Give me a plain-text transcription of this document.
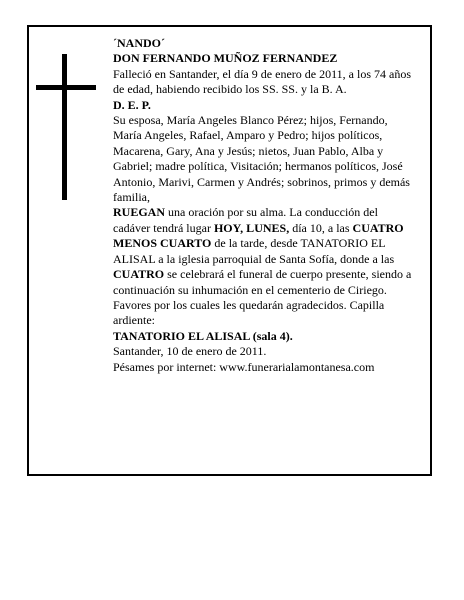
´NANDO´

DON FERNANDO MUÑOZ FERNANDEZ

Falleció en Santander, el día 9 de enero de 2011, a los 74 años

de edad, habiendo recibido los SS. SS. y la B. A.

D. E. P.

Su esposa, María Angeles Blanco Pérez; hijos, Fernando, María Angeles, Rafael, Amparo y Pedro; hijos políticos, Macarena, Gary, Ana y Jesús; nietos, Juan Pablo, Alba y Gabriel; madre política, Visitación; hermanos políticos, José Antonio, Marivi, Carmen y Andrés; sobrinos, primos y demás familia,

RUEGAN una oración por su alma. La conducción del cadáver tendrá lugar HOY, LUNES, día 10, a las CUATRO MENOS CUARTO de la tarde, desde TANATORIO EL ALISAL a la iglesia parroquial de Santa Sofía, donde a las CUATRO se celebrará el funeral de cuerpo presente, siendo a continuación su inhumación en el cementerio de Ciriego. Favores por los cuales les quedarán agradecidos. Capilla ardiente:

TANATORIO EL ALISAL (sala 4).

Santander, 10 de enero de 2011.

Pésames por internet: www.funerarialamontanesa.com
